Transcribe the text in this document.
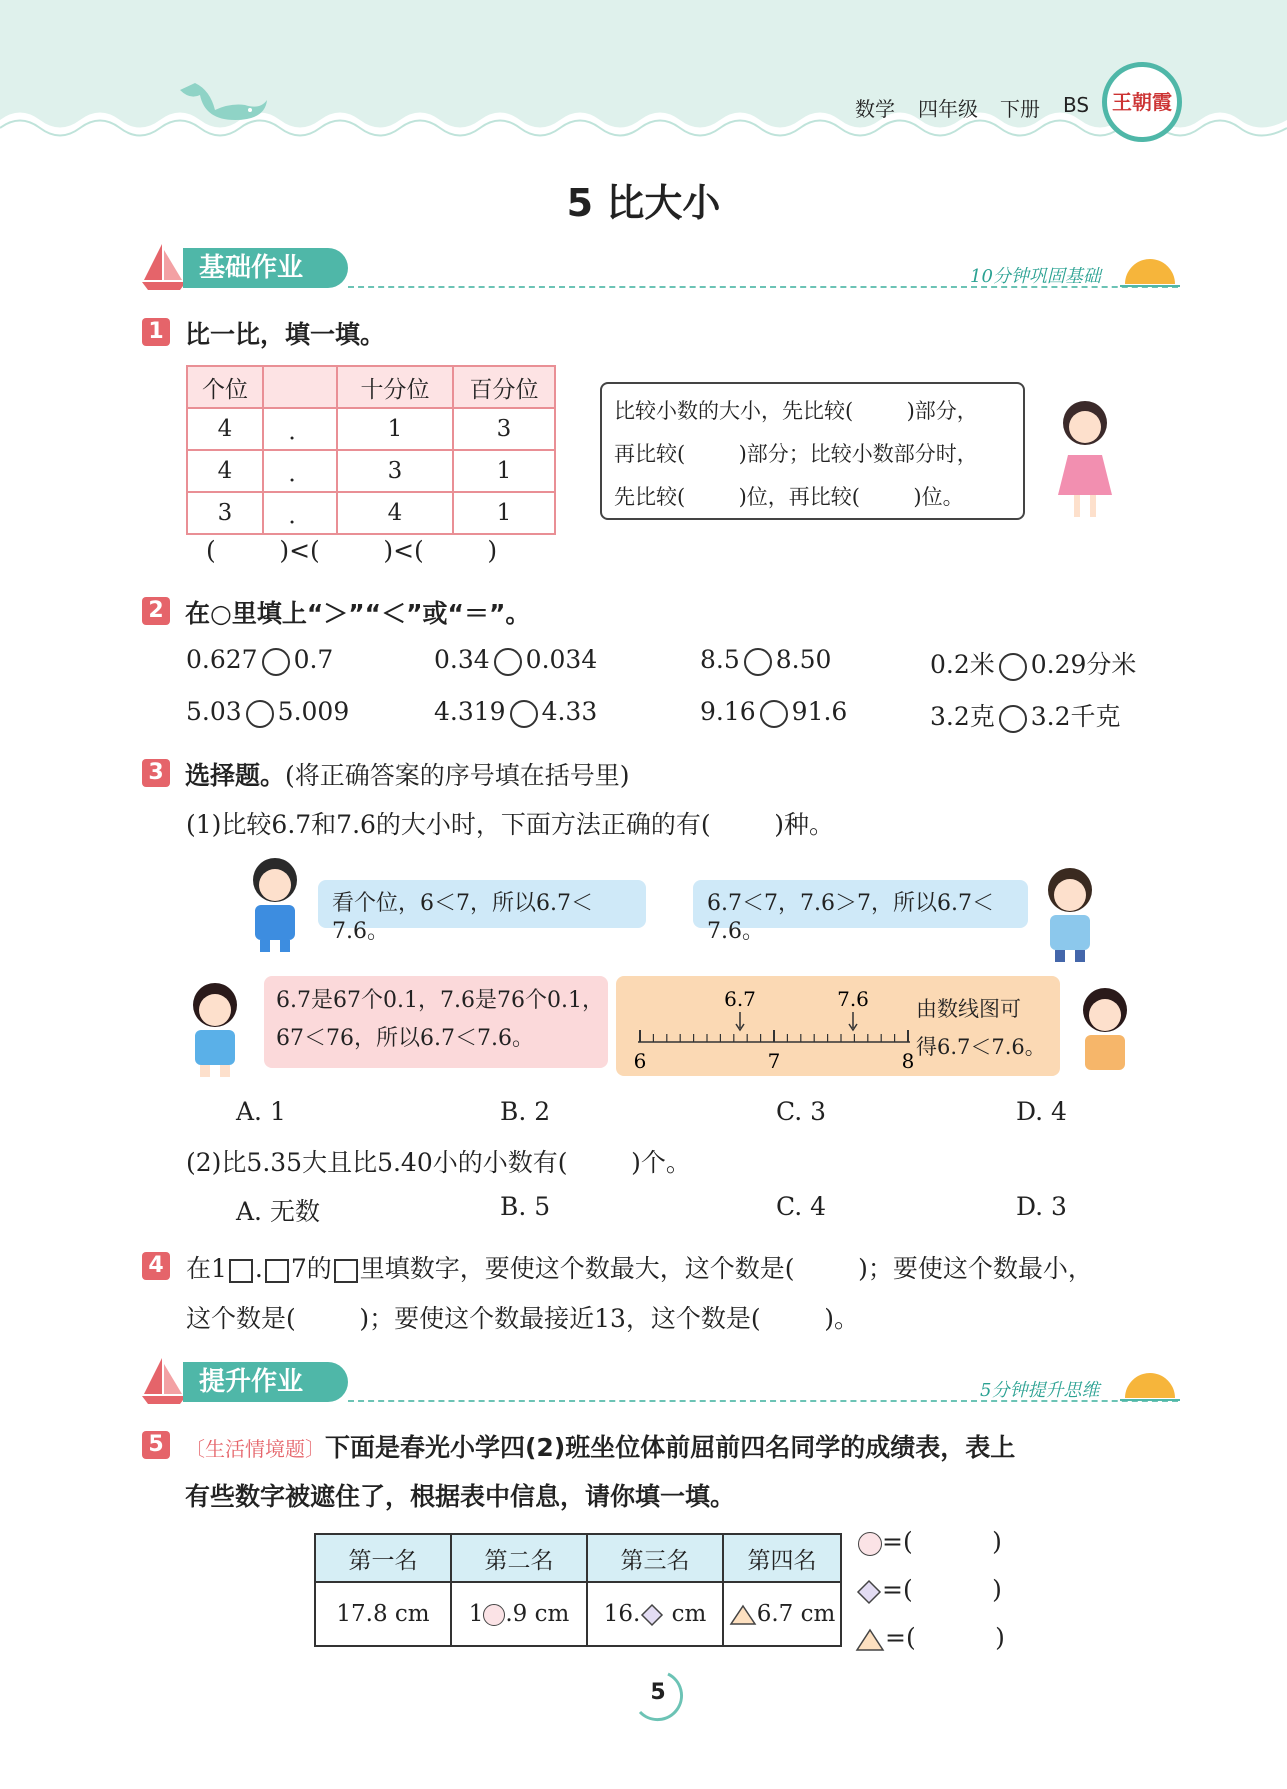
数学 四年级 下册 BS	王朝霞
5 比大小
基础作业	10分钟巩固基础
1 比一比，填一填。
个位		十分位	百分位
4	．	1	3
4	．	3	1
3	．	4	1
(        )<(        )<(        )
比较小数的大小，先比较(        )部分，
再比较(        )部分；比较小数部分时，
先比较(        )位，再比较(        )位。
2 在○里填上“＞”“＜”或“＝”。
0.627 0.7	0.34 0.034	8.5 8.50	0.2米 0.29分米
5.03 5.009	4.319 4.33	9.16 91.6	3.2克 3.2千克
3 选择题。(将正确答案的序号填在括号里)
(1)比较6.7和7.6的大小时，下面方法正确的有(        )种。
看个位，6＜7，所以6.7＜7.6。
6.7＜7，7.6＞7，所以6.7＜7.6。
6.7是67个0.1，7.6是76个0.1，
67＜76，所以6.7＜7.6。
6.7	7.6
6	7	8
由数线图可
得6.7＜7.6。
A. 1	B. 2	C. 3	D. 4
(2)比5.35大且比5.40小的小数有(        )个。
A. 无数	B. 5	C. 4	D. 3
4 在1 . 7的 里填数字，要使这个数最大，这个数是(        )；要使这个数最小，
这个数是(        )；要使这个数最接近13，这个数是(        )。
提升作业	5分钟提升思维
5	〔生活情境题〕下面是春光小学四(2)班坐位体前屈前四名同学的成绩表，表上
有些数字被遮住了，根据表中信息，请你填一填。
第一名	第二名	第三名	第四名
17.8 cm	1 .9 cm	16. cm	6.7 cm
=(          )
=(          )
=(          )
5
